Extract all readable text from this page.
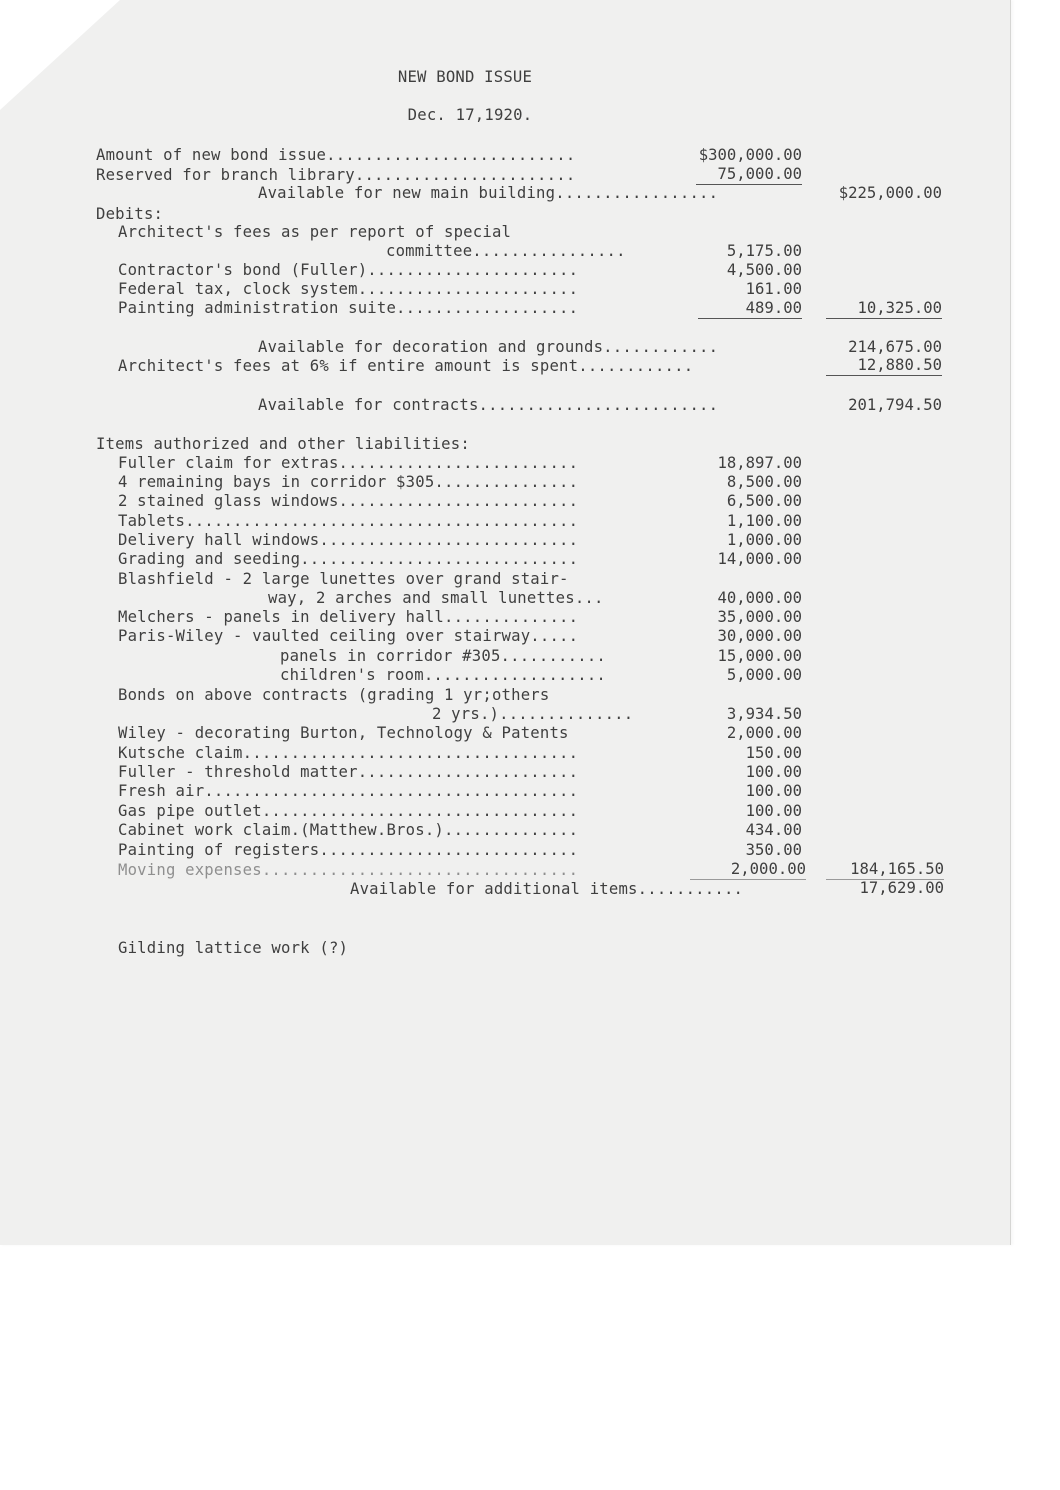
NEW BOND ISSUE
Dec. 17,1920.
Amount of new bond issue..........................	$300,000.00
Reserved for branch library.......................	75,000.00
Available for new main building.................	$225,000.00
Debits:
Architect's fees as per report of special
committee................	5,175.00
Contractor's bond (Fuller)......................	4,500.00
Federal tax, clock system.......................	161.00
Painting administration suite...................	489.00	10,325.00
Available for decoration and grounds............	214,675.00
Architect's fees at 6% if entire amount is spent............	12,880.50
Available for contracts.........................	201,794.50
Items authorized and other liabilities:
Fuller claim for extras.........................	18,897.00
4 remaining bays in corridor $305...............	8,500.00
2 stained glass windows.........................	6,500.00
Tablets.........................................	1,100.00
Delivery hall windows...........................	1,000.00
Grading and seeding.............................	14,000.00
Blashfield - 2 large lunettes over grand stair-
way, 2 arches and small lunettes...	40,000.00
Melchers - panels in delivery hall..............	35,000.00
Paris-Wiley - vaulted ceiling over stairway.....	30,000.00
panels in corridor #305...........	15,000.00
children's room...................	5,000.00
Bonds on above contracts (grading 1 yr;others
2 yrs.)..............	3,934.50
Wiley - decorating Burton, Technology & Patents	2,000.00
Kutsche claim...................................	150.00
Fuller - threshold matter.......................	100.00
Fresh air.......................................	100.00
Gas pipe outlet.................................	100.00
Cabinet work claim.(Matthew.Bros.)..............	434.00
Painting of registers...........................	350.00
Moving expenses.................................	2,000.00	184,165.50
Available for additional items...........	17,629.00
Gilding lattice work (?)
